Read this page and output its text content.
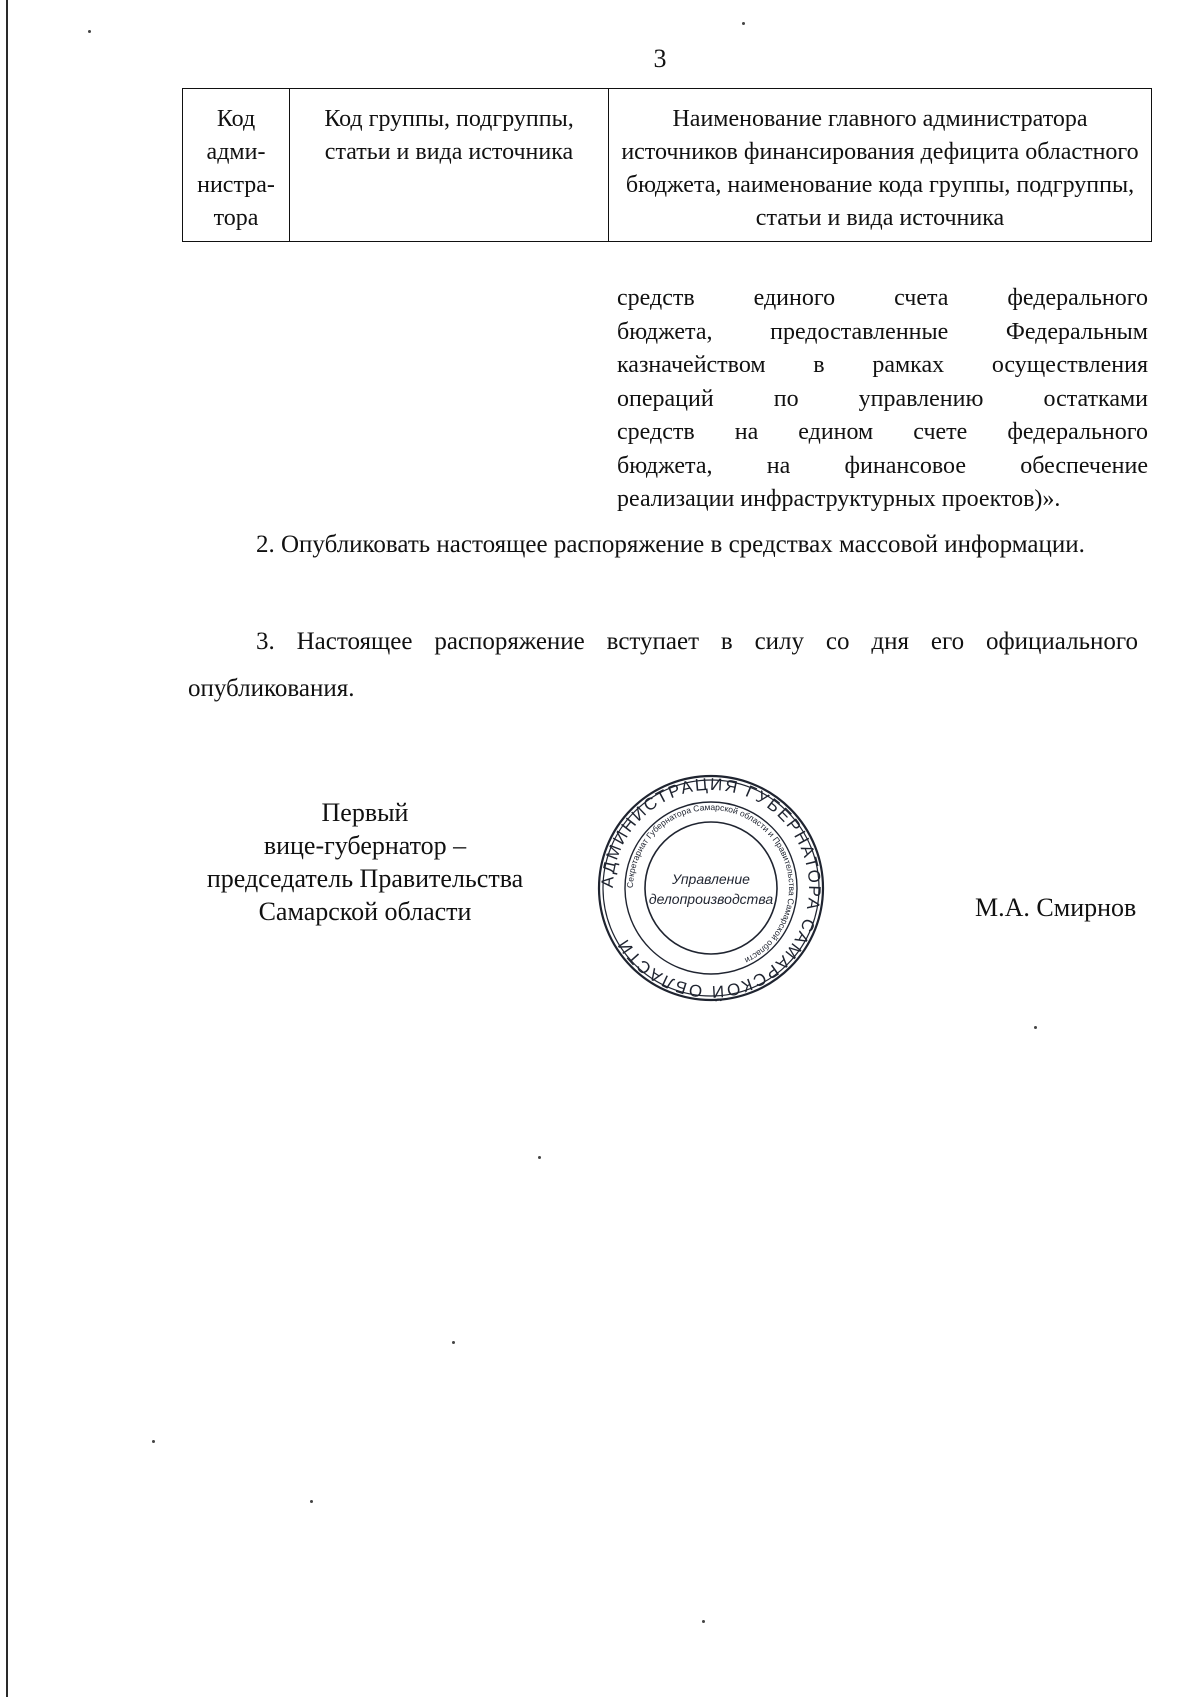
3
Код адми-нистра-тора	Код группы, подгруппы, статьи и вида источника	Наименование главного администратора источников финансирования дефицита областного бюджета, наименование кода группы, подгруппы, статьи и вида источника
средств единого счета федерального
бюджета, предоставленные Федеральным
казначейством в рамках осуществления
операций по управлению остатками
средств на едином счете федерального
бюджета, на финансовое обеспечение
реализации инфраструктурных проектов)».
2. Опубликовать настоящее распоряжение в средствах массовой информации.
3. Настоящее распоряжение вступает в силу со дня его официального опубликования.
Первый
вице-губернатор –
председатель Правительства
Самарской области
АДМИНИСТРАЦИЯ ГУБЕРНАТОРА САМАРСКОЙ ОБЛАСТИ
Секретариат Губернатора Самарской области и Правительства Самарской области
Управление
делопроизводства	М.А. Смирнов
